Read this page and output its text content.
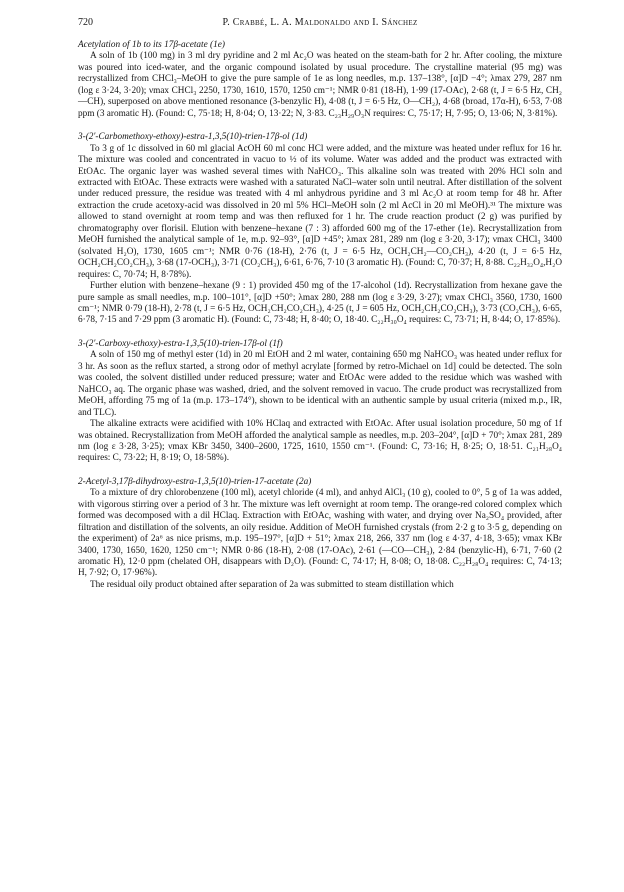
720	P. Crabbé, L. A. Maldonaldo and I. Sánchez

Acetylation of 1b to its 17β-acetate (1e)

A soln of 1b (100 mg) in 3 ml dry pyridine and 2 ml Ac₂O was heated on the steam-bath for 2 hr. After cooling, the mixture was poured into iced-water, and the organic compound isolated by usual procedure. The crystalline material (95 mg) was recrystallized from CHCl₃–MeOH to give the pure sample of 1e as long needles, m.p. 137–138°, [α]D −4°; λmax 279, 287 nm (log ε 3·24, 3·20); νmax CHCl₃ 2250, 1730, 1610, 1570, 1250 cm⁻¹; NMR 0·81 (18-H), 1·99 (17-OAc), 2·68 (t, J = 6·5 Hz, CH₂—CH), superposed on above mentioned resonance (3-benzylic H), 4·08 (t, J = 6·5 Hz, O—CH₂), 4·68 (broad, 17α-H), 6·53, 7·08 ppm (3 aromatic H). (Found: C, 75·18; H, 8·04; O, 13·22; N, 3·83. C₂₃H₂₉O₃N requires: C, 75·17; H, 7·95; O, 13·06; N, 3·81%).

3-(2′-Carbomethoxy-ethoxy)-estra-1,3,5(10)-trien-17β-ol (1d)

To 3 g of 1c dissolved in 60 ml glacial AcOH 60 ml conc HCl were added, and the mixture was heated under reflux for 16 hr. The mixture was cooled and concentrated in vacuo to ½ of its volume. Water was added and the product was extracted with EtOAc. The organic layer was washed several times with NaHCO₃. This alkaline soln was treated with 20% HCl soln and extracted with EtOAc. These extracts were washed with a saturated NaCl–water soln until neutral. After distillation of the solvent under reduced pressure, the residue was treated with 4 ml anhydrous pyridine and 3 ml Ac₂O at room temp for 48 hr. After extraction the crude acetoxy-acid was dissolved in 20 ml 5% HCl–MeOH soln (2 ml AcCl in 20 ml MeOH).³¹ The mixture was allowed to stand overnight at room temp and was then refluxed for 1 hr. The crude reaction product (2 g) was purified by chromatography over florisil. Elution with benzene–hexane (7 : 3) afforded 600 mg of the 17-ether (1e). Recrystallization from MeOH furnished the analytical sample of 1e, m.p. 92–93°, [α]D +45°; λmax 281, 289 nm (log ε 3·20, 3·17); νmax CHCl₃ 3400 (solvated H₂O), 1730, 1605 cm⁻¹; NMR 0·76 (18-H), 2·76 (t, J = 6·5 Hz, OCH₂CH₂—CO₂CH₃), 4·20 (t, J = 6·5 Hz, OCH₂CH₂CO₂CH₃), 3·68 (17-OCH₃), 3·71 (CO₂CH₃), 6·61, 6·76, 7·10 (3 aromatic H). (Found: C, 70·37; H, 8·88. C₂₂H₃₂O₄,H₂O requires: C, 70·74; H, 8·78%).

Further elution with benzene–hexane (9 : 1) provided 450 mg of the 17-alcohol (1d). Recrystallization from hexane gave the pure sample as small needles, m.p. 100–101°, [α]D +50°; λmax 280, 288 nm (log ε 3·29, 3·27); νmax CHCl₃ 3560, 1730, 1600 cm⁻¹; NMR 0·79 (18-H), 2·78 (t, J = 6·5 Hz, OCH₂CH₂CO₂CH₃), 4·25 (t, J = 605 Hz, OCH₂CH₂CO₂CH₃), 3·73 (CO₂CH₃), 6·65, 6·78, 7·15 and 7·29 ppm (3 aromatic H). (Found: C, 73·48; H, 8·40; O, 18·40. C₂₂H₃₀O₄ requires: C, 73·71; H, 8·44; O, 17·85%).

3-(2′-Carboxy-ethoxy)-estra-1,3,5(10)-trien-17β-ol (1f)

A soln of 150 mg of methyl ester (1d) in 20 ml EtOH and 2 ml water, containing 650 mg NaHCO₃ was heated under reflux for 3 hr. As soon as the reflux started, a strong odor of methyl acrylate [formed by retro-Michael on 1d] could be detected. The soln was cooled, the solvent distilled under reduced pressure; water and EtOAc were added to the residue which was washed with NaHCO₃ aq. The organic phase was washed, dried, and the solvent removed in vacuo. The crude product was recrystallized from MeOH, affording 75 mg of 1a (m.p. 173–174°), shown to be identical with an authentic sample by usual criteria (mixed m.p., IR, and TLC).

The alkaline extracts were acidified with 10% HClaq and extracted with EtOAc. After usual isolation procedure, 50 mg of 1f was obtained. Recrystallization from MeOH afforded the analytical sample as needles, m.p. 203–204°, [α]D + 70°; λmax 281, 289 nm (log ε 3·28, 3·25); νmax KBr 3450, 3400–2600, 1725, 1610, 1550 cm⁻¹. (Found: C, 73·16; H, 8·25; O, 18·51. C₂₁H₂₈O₄ requires: C, 73·22; H, 8·19; O, 18·58%).

2-Acetyl-3,17β-dihydroxy-estra-1,3,5(10)-trien-17-acetate (2a)

To a mixture of dry chlorobenzene (100 ml), acetyl chloride (4 ml), and anhyd AlCl₃ (10 g), cooled to 0°, 5 g of 1a was added, with vigorous stirring over a period of 3 hr. The mixture was left overnight at room temp. The orange-red colored complex which formed was decomposed with a dil HClaq. Extraction with EtOAc, washing with water, and drying over Na₂SO₄ provided, after filtration and distillation of the solvents, an oily residue. Addition of MeOH furnished crystals (from 2·2 g to 3·5 g, depending on the experiment) of 2a⁶ as nice prisms, m.p. 195–197°, [α]D + 51°; λmax 218, 266, 337 nm (log ε 4·37, 4·18, 3·65); νmax KBr 3400, 1730, 1650, 1620, 1250 cm⁻¹; NMR 0·86 (18-H), 2·08 (17-OAc), 2·61 (—CO—CH₃), 2·84 (benzylic-H), 6·71, 7·60 (2 aromatic H), 12·0 ppm (chelated OH, disappears with D₂O). (Found: C, 74·17; H, 8·08; O, 18·08. C₂₂H₂₈O₄ requires: C, 74·13; H, 7·92; O, 17·96%).

The residual oily product obtained after separation of 2a was submitted to steam distillation which
